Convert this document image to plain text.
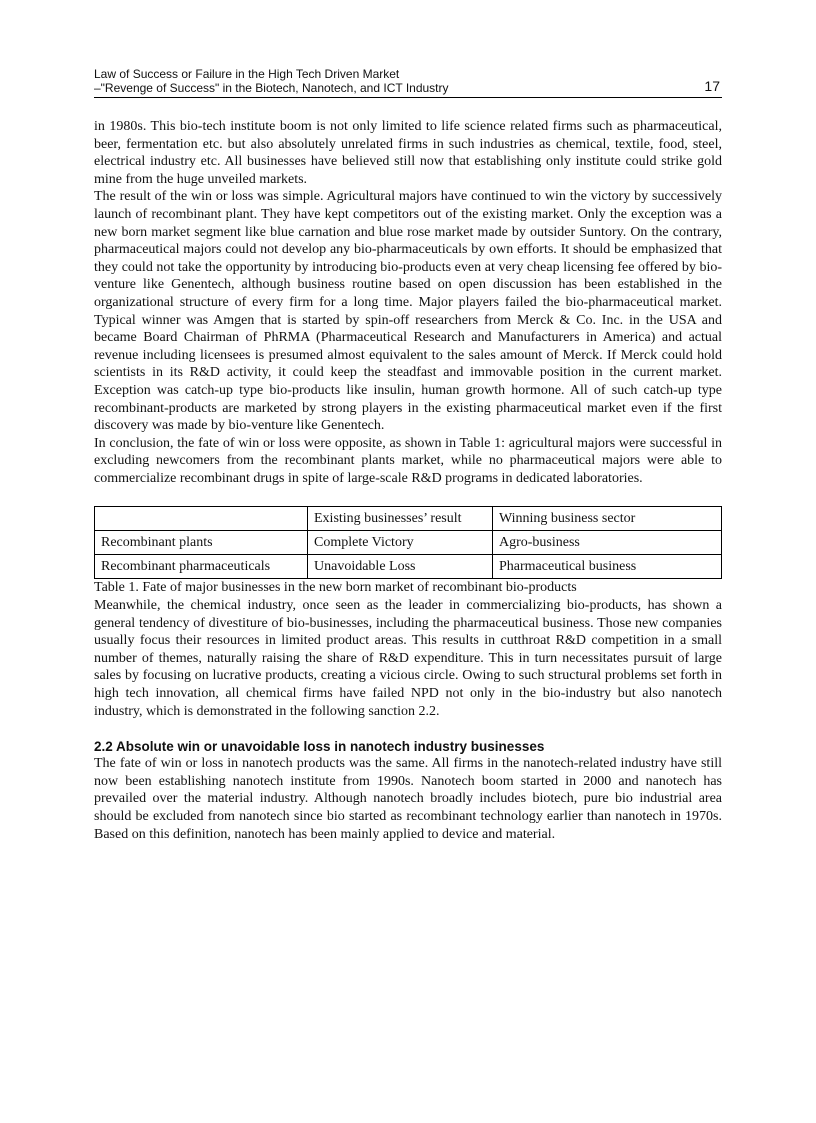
Law of Success or Failure in the High Tech Driven Market
–"Revenge of Success" in the Biotech, Nanotech, and ICT Industry	17

in 1980s. This bio-tech institute boom is not only limited to life science related firms such as pharmaceutical, beer, fermentation etc. but also absolutely unrelated firms in such industries as chemical, textile, food, steel, electrical industry etc. All businesses have believed still now that establishing only institute could strike gold mine from the huge unveiled markets.

The result of the win or loss was simple. Agricultural majors have continued to win the victory by successively launch of recombinant plant. They have kept competitors out of the existing market. Only the exception was a new born market segment like blue carnation and blue rose market made by outsider Suntory. On the contrary, pharmaceutical majors could not develop any bio-pharmaceuticals by own efforts. It should be emphasized that they could not take the opportunity by introducing bio-products even at very cheap licensing fee offered by bio-venture like Genentech, although business routine based on open discussion has been established in the organizational structure of every firm for a long time. Major players failed the bio-pharmaceutical market. Typical winner was Amgen that is started by spin-off researchers from Merck & Co. Inc. in the USA and became Board Chairman of PhRMA (Pharmaceutical Research and Manufacturers in America) and actual revenue including licensees is presumed almost equivalent to the sales amount of Merck. If Merck could hold scientists in its R&D activity, it could keep the steadfast and immovable position in the current market. Exception was catch-up type bio-products like insulin, human growth hormone. All of such catch-up type recombinant-products are marketed by strong players in the existing pharmaceutical market even if the first discovery was made by bio-venture like Genentech.

In conclusion, the fate of win or loss were opposite, as shown in Table 1: agricultural majors were successful in excluding newcomers from the recombinant plants market, while no pharmaceutical majors were able to commercialize recombinant drugs in spite of large-scale R&D programs in dedicated laboratories.

	Existing businesses’ result	Winning business sector
Recombinant plants	Complete Victory	Agro-business
Recombinant pharmaceuticals	Unavoidable Loss	Pharmaceutical business

Table 1. Fate of major businesses in the new born market of recombinant bio-products

Meanwhile, the chemical industry, once seen as the leader in commercializing bio-products, has shown a general tendency of divestiture of bio-businesses, including the pharmaceutical business. Those new companies usually focus their resources in limited product areas. This results in cutthroat R&D competition in a small number of themes, naturally raising the share of R&D expenditure. This in turn necessitates pursuit of large sales by focusing on lucrative products, creating a vicious circle. Owing to such structural problems set forth in high tech innovation, all chemical firms have failed NPD not only in the bio-industry but also nanotech industry, which is demonstrated in the following sanction 2.2.

2.2 Absolute win or unavoidable loss in nanotech industry businesses

The fate of win or loss in nanotech products was the same. All firms in the nanotech-related industry have still now been establishing nanotech institute from 1990s. Nanotech boom started in 2000 and nanotech has prevailed over the material industry. Although nanotech broadly includes biotech, pure bio industrial area should be excluded from nanotech since bio started as recombinant technology earlier than nanotech in 1970s. Based on this definition, nanotech has been mainly applied to device and material.
